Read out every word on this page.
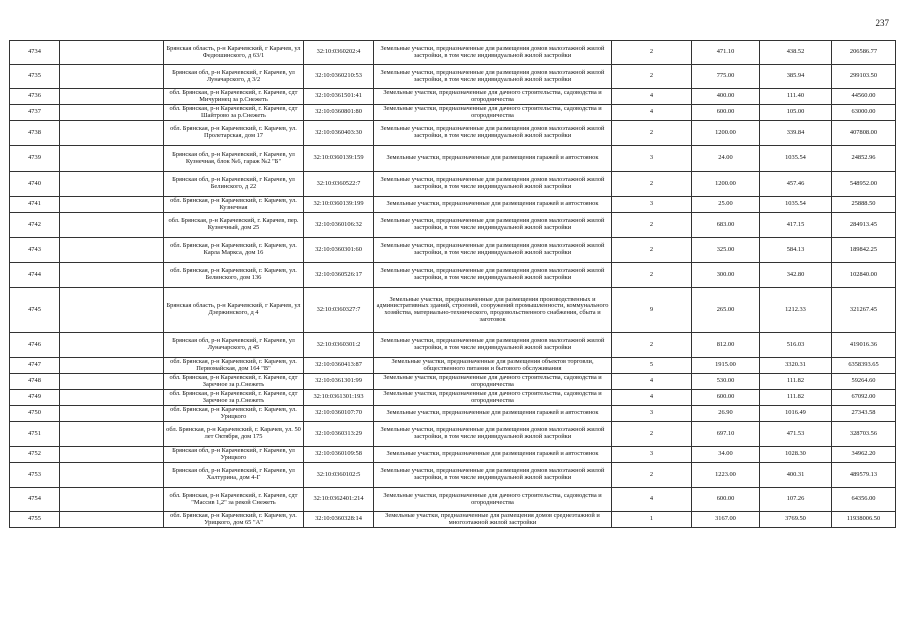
237
4734		Брянская область, р-н Карачевский, г Карачев, ул Федюшинского, д 63/1	32:10:0360202:4	Земельные участки, предназначенные для размещения домов малоэтажной жилой застройки, в том числе индивидуальной жилой застройки	2	471.10	438.52	206586.77
4735		Брянская обл, р-н Карачевский, г Карачев, ул Луначарского, д 3/2	32:10:0360210:53	Земельные участки, предназначенные для размещения домов малоэтажной жилой застройки, в том числе индивидуальной жилой застройки	2	775.00	385.94	299103.50
4736		обл. Брянская, р-н Карачевский, г. Карачев, сдт Мичуринец за р.Снежеть	32:10:0361501:41	Земельные участки, предназначенные для дачного строительства, садоводства и огородничества	4	400.00	111.40	44560.00
4737		обл. Брянская, р-н Карачевский, г. Карачев, сдт Шайтрово за р.Снежеть	32:10:0360801:80	Земельные участки, предназначенные для дачного строительства, садоводства и огородничества	4	600.00	105.00	63000.00
4738		обл. Брянская, р-н Карачевский, г. Карачев, ул. Пролетарская, дом 17	32:10:0360403:30	Земельные участки, предназначенные для размещения домов малоэтажной жилой застройки, в том числе индивидуальной жилой застройки	2	1200.00	339.84	407808.00
4739		Брянская обл, р-н Карачевский, г Карачев, ул Кузнечная, блок №6, гараж №2 "Б"	32:10:0360139:159	Земельные участки, предназначенные для размещения гаражей и автостоянок	3	24.00	1035.54	24852.96
4740		Брянская обл, р-н Карачевский, г Карачев, ул Белинского, д 22	32:10:0360522:7	Земельные участки, предназначенные для размещения домов малоэтажной жилой застройки, в том числе индивидуальной жилой застройки	2	1200.00	457.46	548952.00
4741		обл. Брянская, р-н Карачевский, г. Карачев, ул. Кузнечная	32:10:0360139:199	Земельные участки, предназначенные для размещения гаражей и автостоянок	3	25.00	1035.54	25888.50
4742		обл. Брянская, р-н Карачевский, г. Карачев, пер. Кузнечный, дом 25	32:10:0360106:32	Земельные участки, предназначенные для размещения домов малоэтажной жилой застройки, в том числе индивидуальной жилой застройки	2	683.00	417.15	284913.45
4743		обл. Брянская, р-н Карачевский, г. Карачев, ул. Карла Маркса, дом 16	32:10:0360301:60	Земельные участки, предназначенные для размещения домов малоэтажной жилой застройки, в том числе индивидуальной жилой застройки	2	325.00	584.13	189842.25
4744		обл. Брянская, р-н Карачевский, г. Карачев, ул. Белинского, дом 136	32:10:0360526:17	Земельные участки, предназначенные для размещения домов малоэтажной жилой застройки, в том числе индивидуальной жилой застройки	2	300.00	342.80	102840.00
4745		Брянская область, р-н Карачевский, г Карачев, ул Дзержинского, д 4	32:10:0360327:7	Земельные участки, предназначенные для размещения производственных и административных зданий, строений, сооружений промышленности, коммунального хозяйства, материально-технического, продовольственного снабжения, сбыта и заготовок	9	265.00	1212.33	321267.45
4746		Брянская обл, р-н Карачевский, г Карачев, ул Луначарского, д 45	32:10:0360301:2	Земельные участки, предназначенные для размещения домов малоэтажной жилой застройки, в том числе индивидуальной жилой застройки	2	812.00	516.03	419016.36
4747		обл. Брянская, р-н Карачевский, г. Карачев, ул. Первомайская, дом 164 "В"	32:10:0360413:87	Земельные участки, предназначенные для размещения объектов торговли, общественного питания и бытового обслуживания	5	1915.00	3320.31	6358393.65
4748		обл. Брянская, р-н Карачевский, г. Карачев, сдт Заречное за р.Снежеть	32:10:0361301:99	Земельные участки, предназначенные для дачного строительства, садоводства и огородничества	4	530.00	111.82	59264.60
4749		обл. Брянская, р-н Карачевский, г. Карачев, сдт Заречное за р.Снежеть	32:10:0361301:193	Земельные участки, предназначенные для дачного строительства, садоводства и огородничества	4	600.00	111.82	67092.00
4750		обл. Брянская, р-н Карачевский, г. Карачев, ул. Урицкого	32:10:0360107:70	Земельные участки, предназначенные для размещения гаражей и автостоянок	3	26.90	1016.49	27343.58
4751		обл. Брянская, р-н Карачевский, г. Карачев, ул. 50 лет Октября, дом 175	32:10:0360313:29	Земельные участки, предназначенные для размещения домов малоэтажной жилой застройки, в том числе индивидуальной жилой застройки	2	697.10	471.53	328703.56
4752		Брянская обл, р-н Карачевский, г Карачев, ул Урицкого	32:10:0360109:58	Земельные участки, предназначенные для размещения гаражей и автостоянок	3	34.00	1028.30	34962.20
4753		Брянская обл, р-н Карачевский, г Карачев, ул Халтурина, дом 4-Г	32:10:0360102:5	Земельные участки, предназначенные для размещения домов малоэтажной жилой застройки, в том числе индивидуальной жилой застройки	2	1223.00	400.31	489579.13
4754		обл. Брянская, р-н Карачевский, г. Карачев, сдт "Массив 1,2" за рекой Снежеть	32:10:0362401:214	Земельные участки, предназначенные для дачного строительства, садоводства и огородничества	4	600.00	107.26	64356.00
4755		обл. Брянская, р-н Карачевский, г. Карачев, ул. Урицкого, дом 65 "А"	32:10:0360328:14	Земельные участки, предназначенные для размещения домов среднеэтажной и многоэтажной жилой застройки	1	3167.00	3769.50	11938006.50
